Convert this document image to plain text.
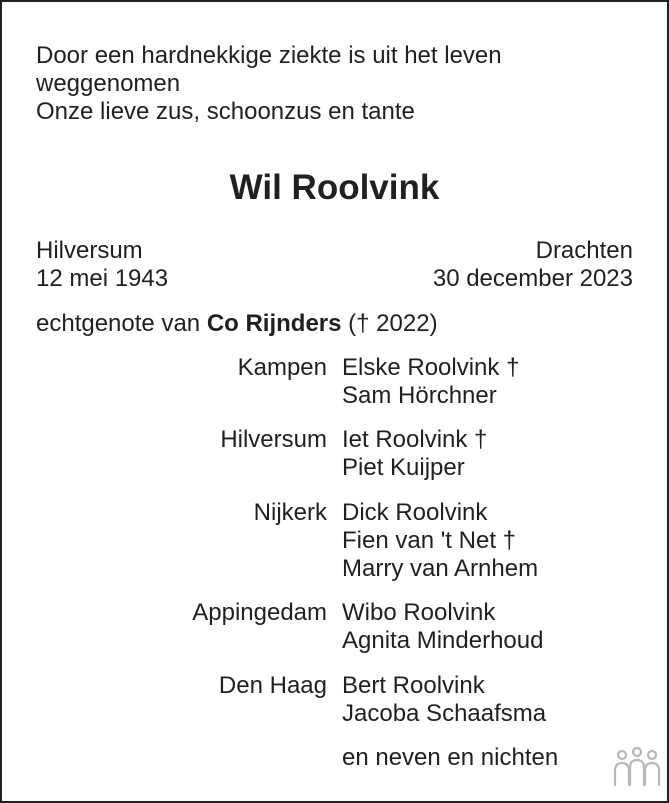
Door een hardnekkige ziekte is uit het leven
weggenomen
Onze lieve zus, schoonzus en tante
Wil Roolvink
Hilversum
12 mei 1943
Drachten
30 december 2023
echtgenote van Co Rijnders († 2022)
Kampen Elske Roolvink †
Sam Hörchner
Hilversum Iet Roolvink †
Piet Kuijper
Nijkerk Dick Roolvink
Fien van 't Net †
Marry van Arnhem
Appingedam Wibo Roolvink
Agnita Minderhoud
Den Haag Bert Roolvink
Jacoba Schaafsma
en neven en nichten
